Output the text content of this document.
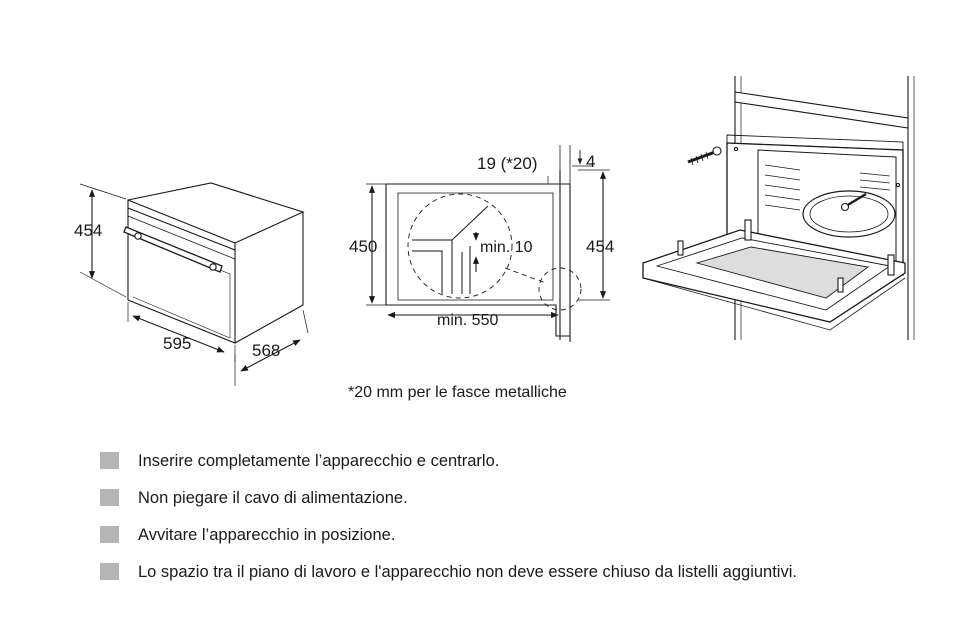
454
595	568
19 (*20)	4
450	454
min. 550
min. 10
*20 mm per le fasce metalliche
Inserire completamente l’apparecchio e centrarlo.
Non piegare il cavo di alimentazione.
Avvitare l’apparecchio in posizione.
Lo spazio tra il piano di lavoro e l'apparecchio non deve essere chiuso da listelli aggiuntivi.
